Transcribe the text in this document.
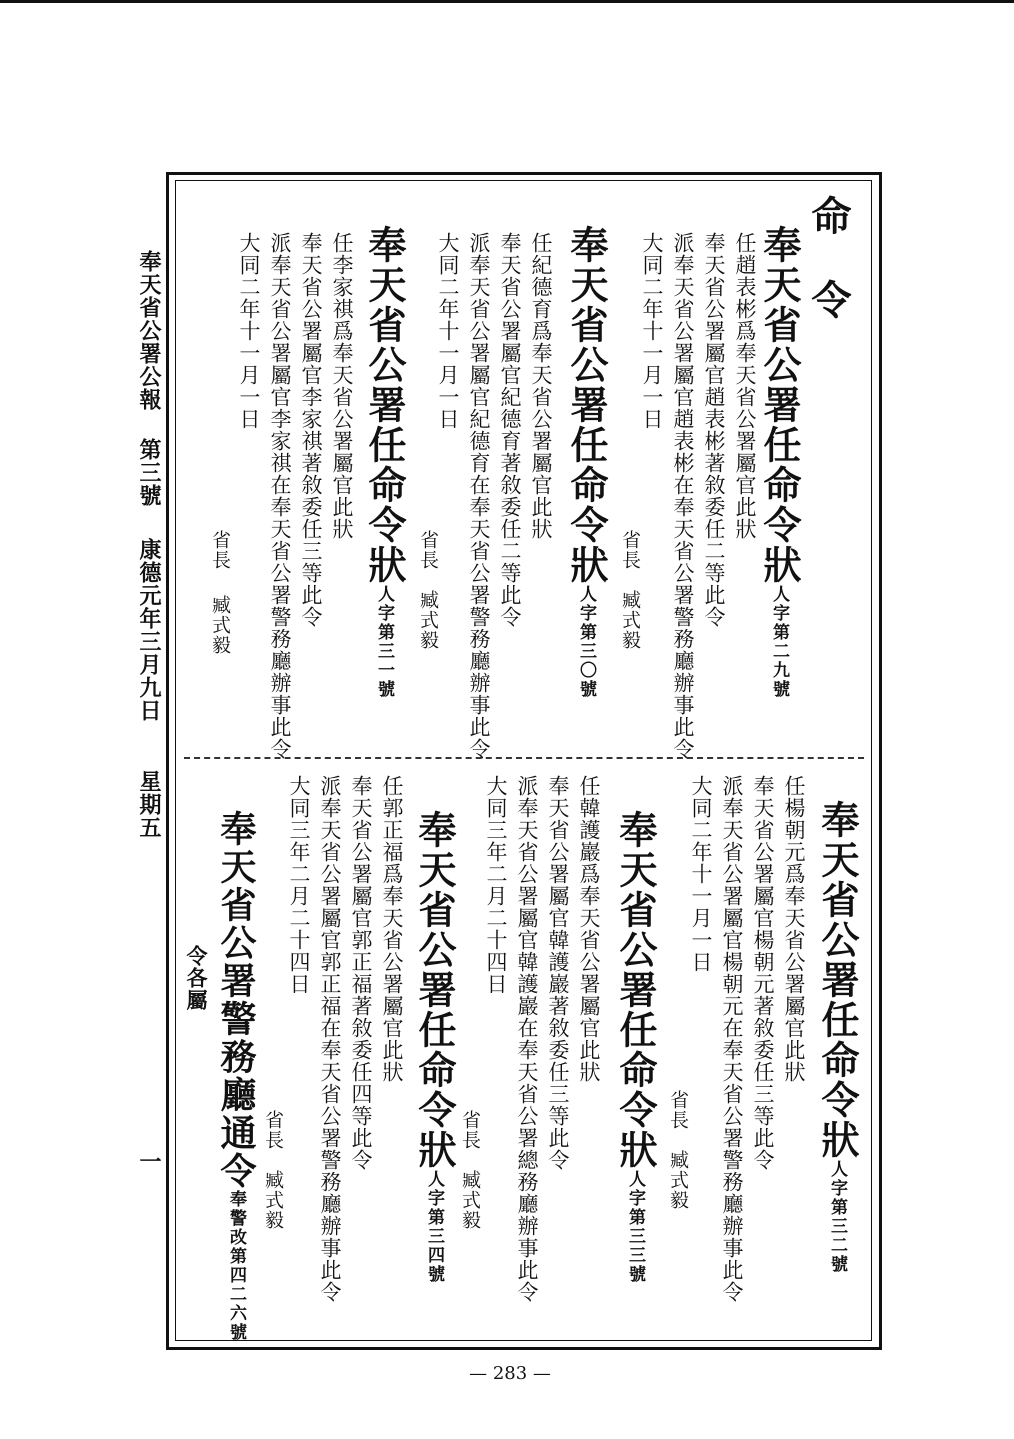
奉天省公署公報
第三號
康德元年三月九日
星期五
一
命　令
奉天省公署任命令狀人字第二九號
任趙表彬爲奉天省公署屬官此狀
奉天省公署屬官趙表彬著敘委任二等此令
派奉天省公署屬官趙表彬在奉天省公署警務廳辦事此令
大同二年十一月一日
省長
臧式毅
奉天省公署任命令狀人字第三〇號
任紀德育爲奉天省公署屬官此狀
奉天省公署屬官紀德育著敘委任二等此令
派奉天省公署屬官紀德育在奉天省公署警務廳辦事此令
大同二年十一月一日
省長
臧式毅
奉天省公署任命令狀人字第三一號
任李家祺爲奉天省公署屬官此狀
奉天省公署屬官李家祺著敘委任三等此令
派奉天省公署屬官李家祺在奉天省公署警務廳辦事此令
大同二年十一月一日
省長
臧式毅
奉天省公署任命令狀人字第三二號
任楊朝元爲奉天省公署屬官此狀
奉天省公署屬官楊朝元著敘委任三等此令
派奉天省公署屬官楊朝元在奉天省公署警務廳辦事此令
大同二年十一月一日
省長
臧式毅
奉天省公署任命令狀人字第三三號
任韓護巖爲奉天省公署屬官此狀
奉天省公署屬官韓護巖著敘委任三等此令
派奉天省公署屬官韓護巖在奉天省公署總務廳辦事此令
大同三年二月二十四日
省長
臧式毅
奉天省公署任命令狀人字第三四號
任郭正福爲奉天省公署屬官此狀
奉天省公署屬官郭正福著敘委任四等此令
派奉天省公署屬官郭正福在奉天省公署警務廳辦事此令
大同三年二月二十四日
省長
臧式毅
奉天省公署警務廳通令奉警改第四二六號
令各屬
— 283 —
